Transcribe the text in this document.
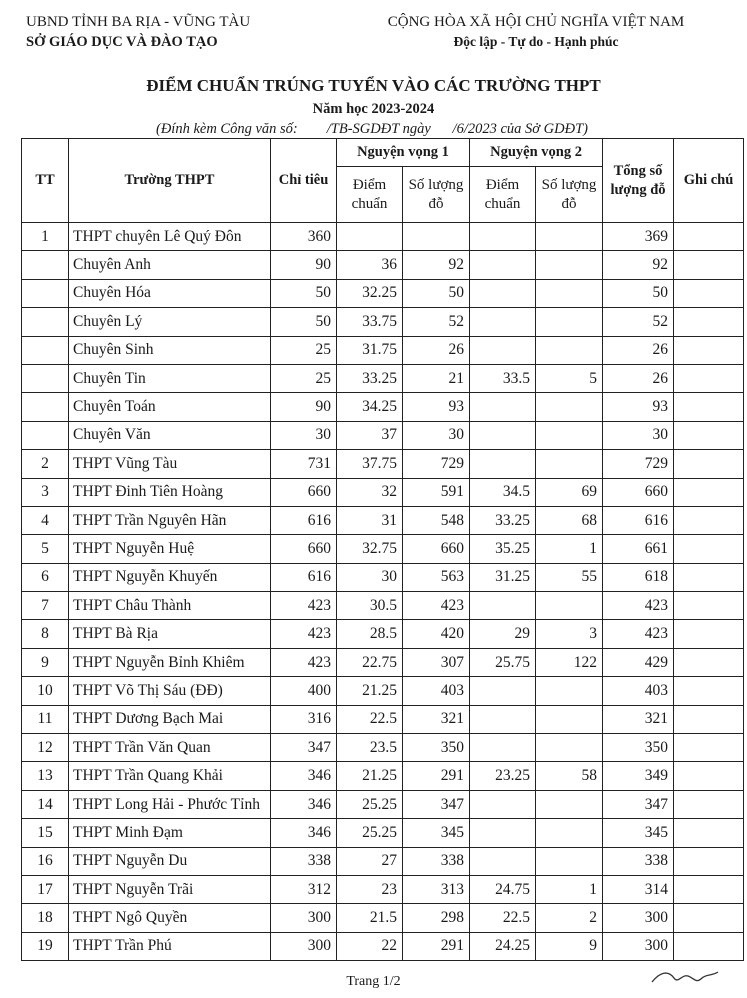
UBND TỈNH BA RỊA - VŨNG TÀU
SỞ GIÁO DỤC VÀ ĐÀO TẠO
CỘNG HÒA XÃ HỘI CHỦ NGHĨA VIỆT NAM
Độc lập - Tự do - Hạnh phúc
ĐIỂM CHUẨN TRÚNG TUYỂN VÀO CÁC TRƯỜNG THPT
Năm học 2023-2024
(Đính kèm Công văn số:        /TB-SGDĐT ngày      /6/2023 của Sở GDĐT)
TT	Trường THPT	Chỉ tiêu	Nguyện vọng 1		Nguyện vọng 2		Tổng số lượng đỗ	Ghi chú
			Điểm chuẩn	Số lượng đỗ	Điểm chuẩn	Số lượng đỗ		
1	THPT chuyên Lê Quý Đôn	360					369	
	Chuyên Anh	90	36	92			92	
	Chuyên Hóa	50	32.25	50			50	
	Chuyên Lý	50	33.75	52			52	
	Chuyên Sinh	25	31.75	26			26	
	Chuyên Tin	25	33.25	21	33.5	5	26	
	Chuyên Toán	90	34.25	93			93	
	Chuyên Văn	30	37	30			30	
2	THPT Vũng Tàu	731	37.75	729			729	
3	THPT Đinh Tiên Hoàng	660	32	591	34.5	69	660	
4	THPT Trần Nguyên Hãn	616	31	548	33.25	68	616	
5	THPT Nguyễn Huệ	660	32.75	660	35.25	1	661	
6	THPT Nguyễn Khuyến	616	30	563	31.25	55	618	
7	THPT Châu Thành	423	30.5	423			423	
8	THPT Bà Rịa	423	28.5	420	29	3	423	
9	THPT Nguyễn Bỉnh Khiêm	423	22.75	307	25.75	122	429	
10	THPT Võ Thị Sáu (ĐĐ)	400	21.25	403			403	
11	THPT Dương Bạch Mai	316	22.5	321			321	
12	THPT Trần Văn Quan	347	23.5	350			350	
13	THPT Trần Quang Khải	346	21.25	291	23.25	58	349	
14	THPT Long Hải - Phước Tỉnh	346	25.25	347			347	
15	THPT Minh Đạm	346	25.25	345			345	
16	THPT Nguyễn Du	338	27	338			338	
17	THPT Nguyễn Trãi	312	23	313	24.75	1	314	
18	THPT Ngô Quyền	300	21.5	298	22.5	2	300	
19	THPT Trần Phú	300	22	291	24.25	9	300	
Trang 1/2
